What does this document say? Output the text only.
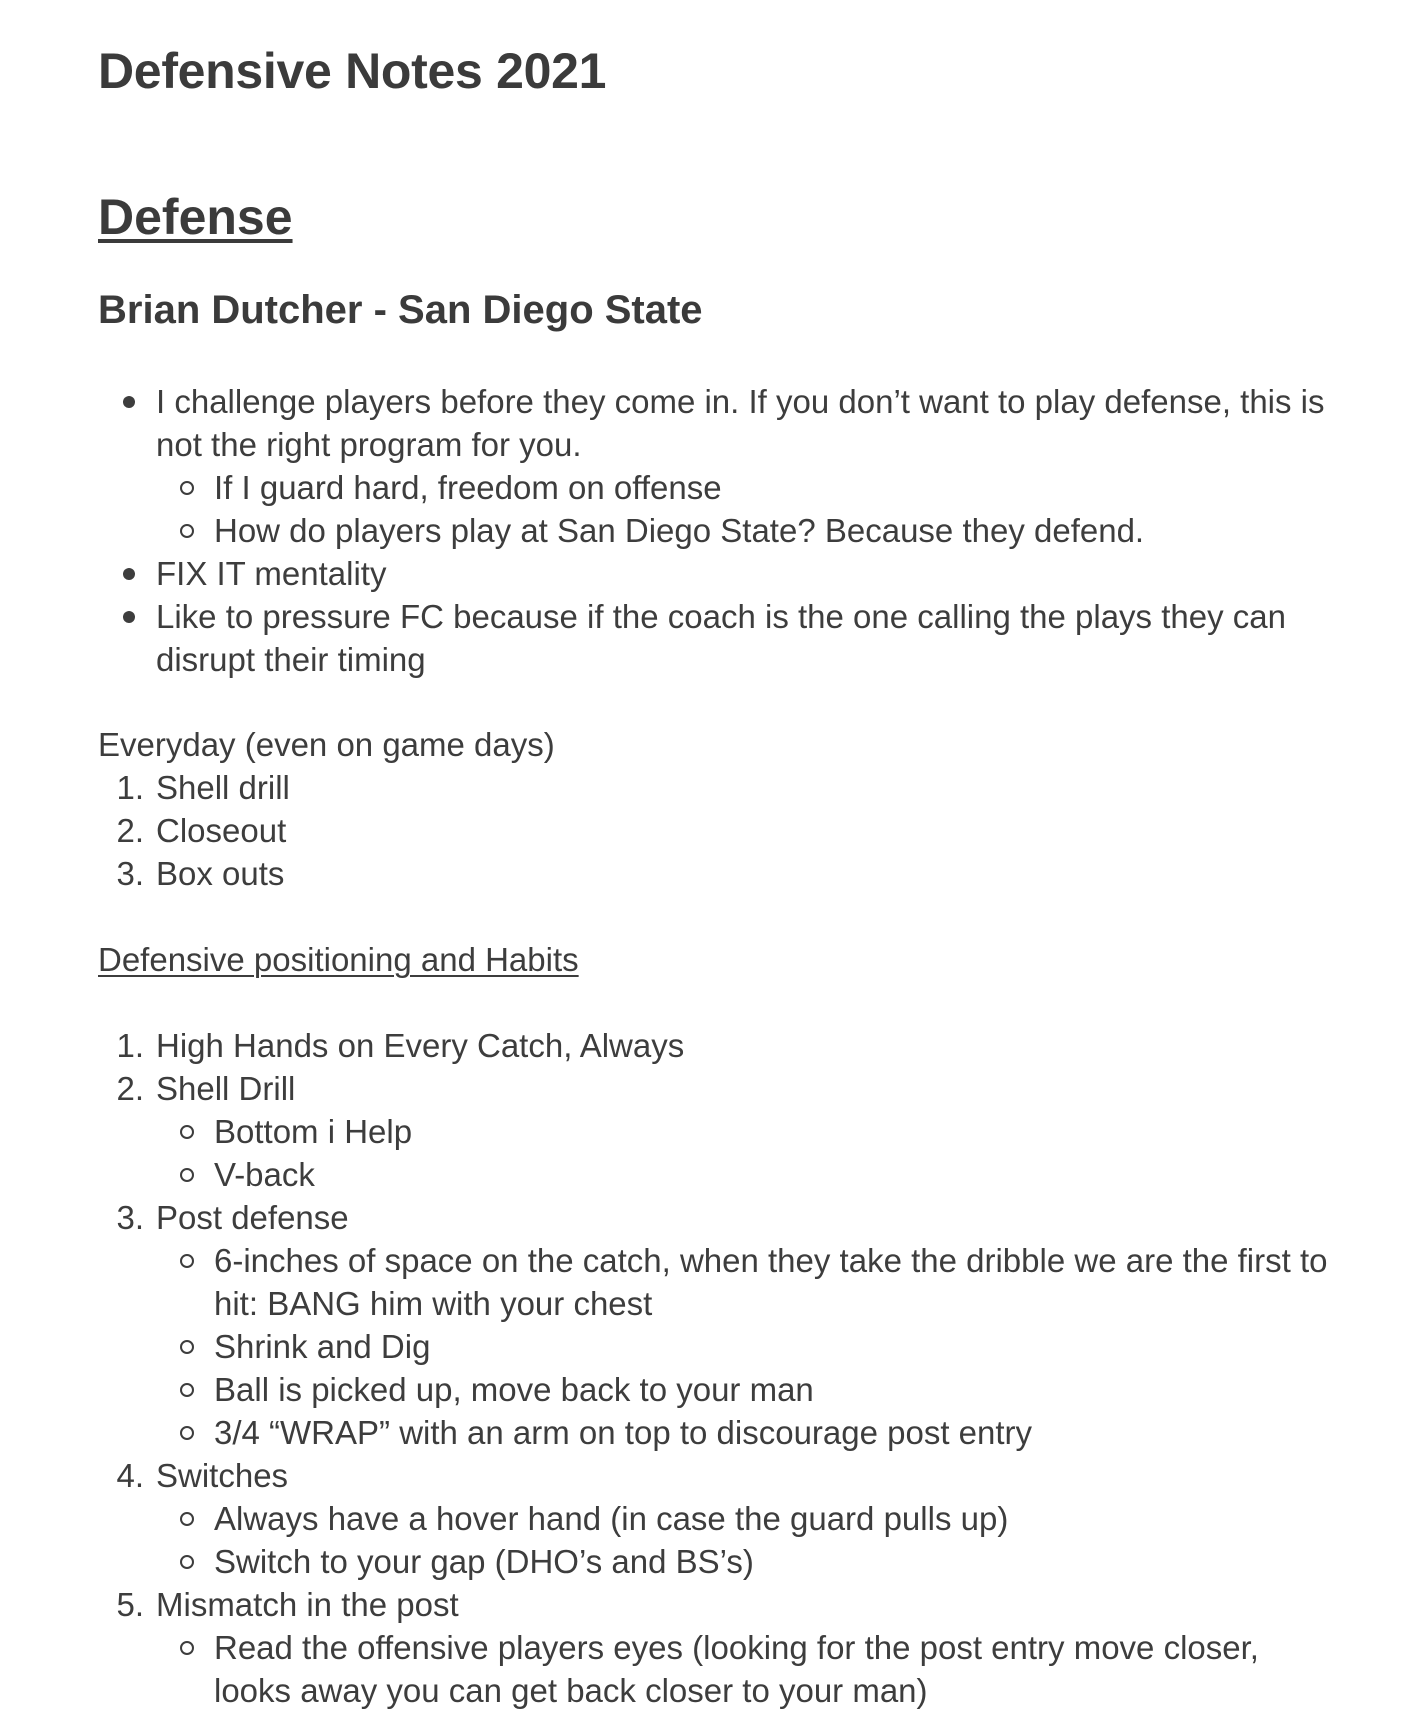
Defensive Notes 2021
Defense
Brian Dutcher - San Diego State
I challenge players before they come in. If you don’t want to play defense, this is not the right program for you.
If I guard hard, freedom on offense
How do players play at San Diego State? Because they defend.
FIX IT mentality
Like to pressure FC because if the coach is the one calling the plays they can disrupt their timing
Everyday (even on game days)
1. Shell drill
2. Closeout
3. Box outs
Defensive positioning and Habits
1. High Hands on Every Catch, Always
2. Shell Drill
Bottom i Help
V-back
3. Post defense
6-inches of space on the catch, when they take the dribble we are the first to hit: BANG him with your chest
Shrink and Dig
Ball is picked up, move back to your man
3/4 “WRAP” with an arm on top to discourage post entry
4. Switches
Always have a hover hand (in case the guard pulls up)
Switch to your gap (DHO’s and BS’s)
5. Mismatch in the post
Read the offensive players eyes (looking for the post entry move closer, looks away you can get back closer to your man)
